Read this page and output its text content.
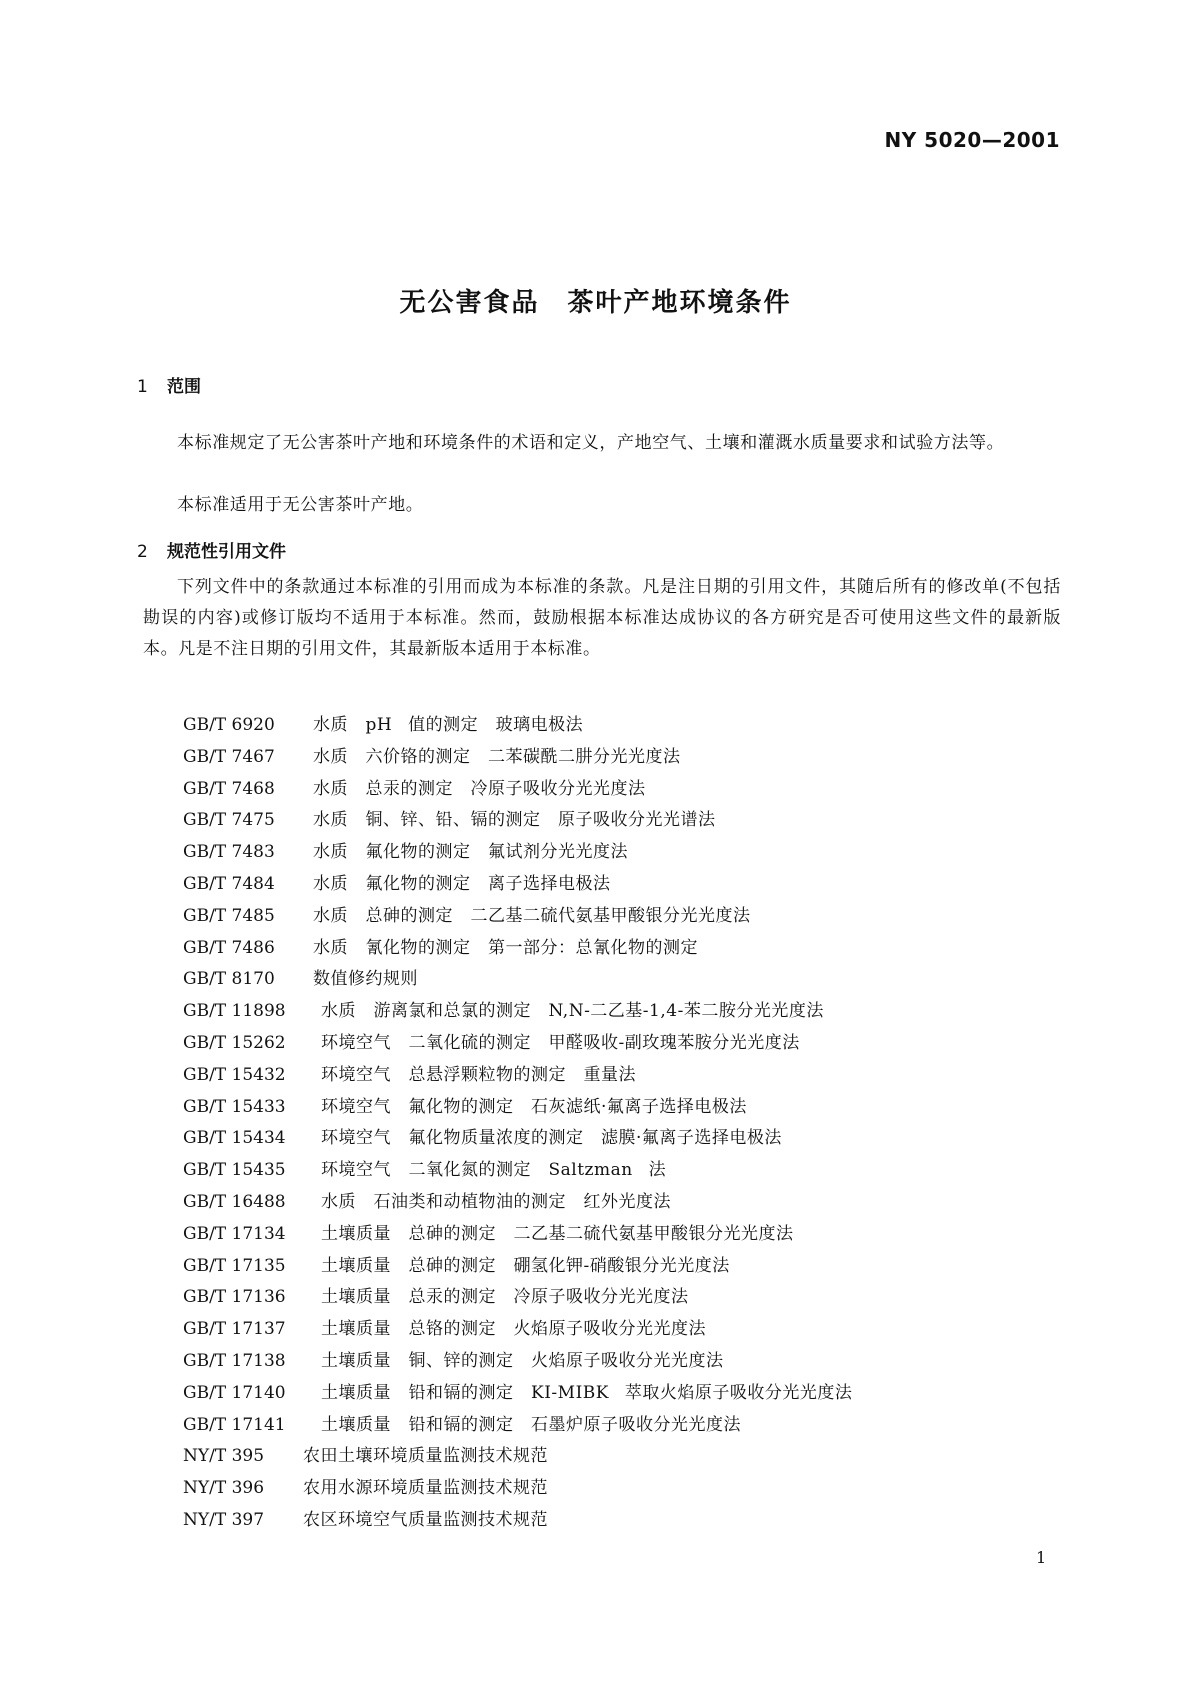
NY 5020—2001
无公害食品 茶叶产地环境条件
1 范围
本标准规定了无公害茶叶产地和环境条件的术语和定义，产地空气、土壤和灌溉水质量要求和试验方法等。
本标准适用于无公害茶叶产地。
2 规范性引用文件
下列文件中的条款通过本标准的引用而成为本标准的条款。凡是注日期的引用文件，其随后所有的修改单(不包括勘误的内容)或修订版均不适用于本标准。然而，鼓励根据本标准达成协议的各方研究是否可使用这些文件的最新版本。凡是不注日期的引用文件，其最新版本适用于本标准。
GB/T 6920 水质　pH 值的测定　玻璃电极法
GB/T 7467 水质　六价铬的测定　二苯碳酰二肼分光光度法
GB/T 7468 水质　总汞的测定　冷原子吸收分光光度法
GB/T 7475 水质　铜、锌、铅、镉的测定　原子吸收分光光谱法
GB/T 7483 水质　氟化物的测定　氟试剂分光光度法
GB/T 7484 水质　氟化物的测定　离子选择电极法
GB/T 7485 水质　总砷的测定　二乙基二硫代氨基甲酸银分光光度法
GB/T 7486 水质　氰化物的测定　第一部分：总氰化物的测定
GB/T 8170 数值修约规则
GB/T 11898 水质　游离氯和总氯的测定　N,N-二乙基-1,4-苯二胺分光光度法
GB/T 15262 环境空气　二氧化硫的测定　甲醛吸收-副玫瑰苯胺分光光度法
GB/T 15432 环境空气　总悬浮颗粒物的测定　重量法
GB/T 15433 环境空气　氟化物的测定　石灰滤纸·氟离子选择电极法
GB/T 15434 环境空气　氟化物质量浓度的测定　滤膜·氟离子选择电极法
GB/T 15435 环境空气　二氧化氮的测定　Saltzman 法
GB/T 16488 水质　石油类和动植物油的测定　红外光度法
GB/T 17134 土壤质量　总砷的测定　二乙基二硫代氨基甲酸银分光光度法
GB/T 17135 土壤质量　总砷的测定　硼氢化钾-硝酸银分光光度法
GB/T 17136 土壤质量　总汞的测定　冷原子吸收分光光度法
GB/T 17137 土壤质量　总铬的测定　火焰原子吸收分光光度法
GB/T 17138 土壤质量　铜、锌的测定　火焰原子吸收分光光度法
GB/T 17140 土壤质量　铅和镉的测定　KI-MIBK 萃取火焰原子吸收分光光度法
GB/T 17141 土壤质量　铅和镉的测定　石墨炉原子吸收分光光度法
NY/T 395 农田土壤环境质量监测技术规范
NY/T 396 农用水源环境质量监测技术规范
NY/T 397 农区环境空气质量监测技术规范
1
